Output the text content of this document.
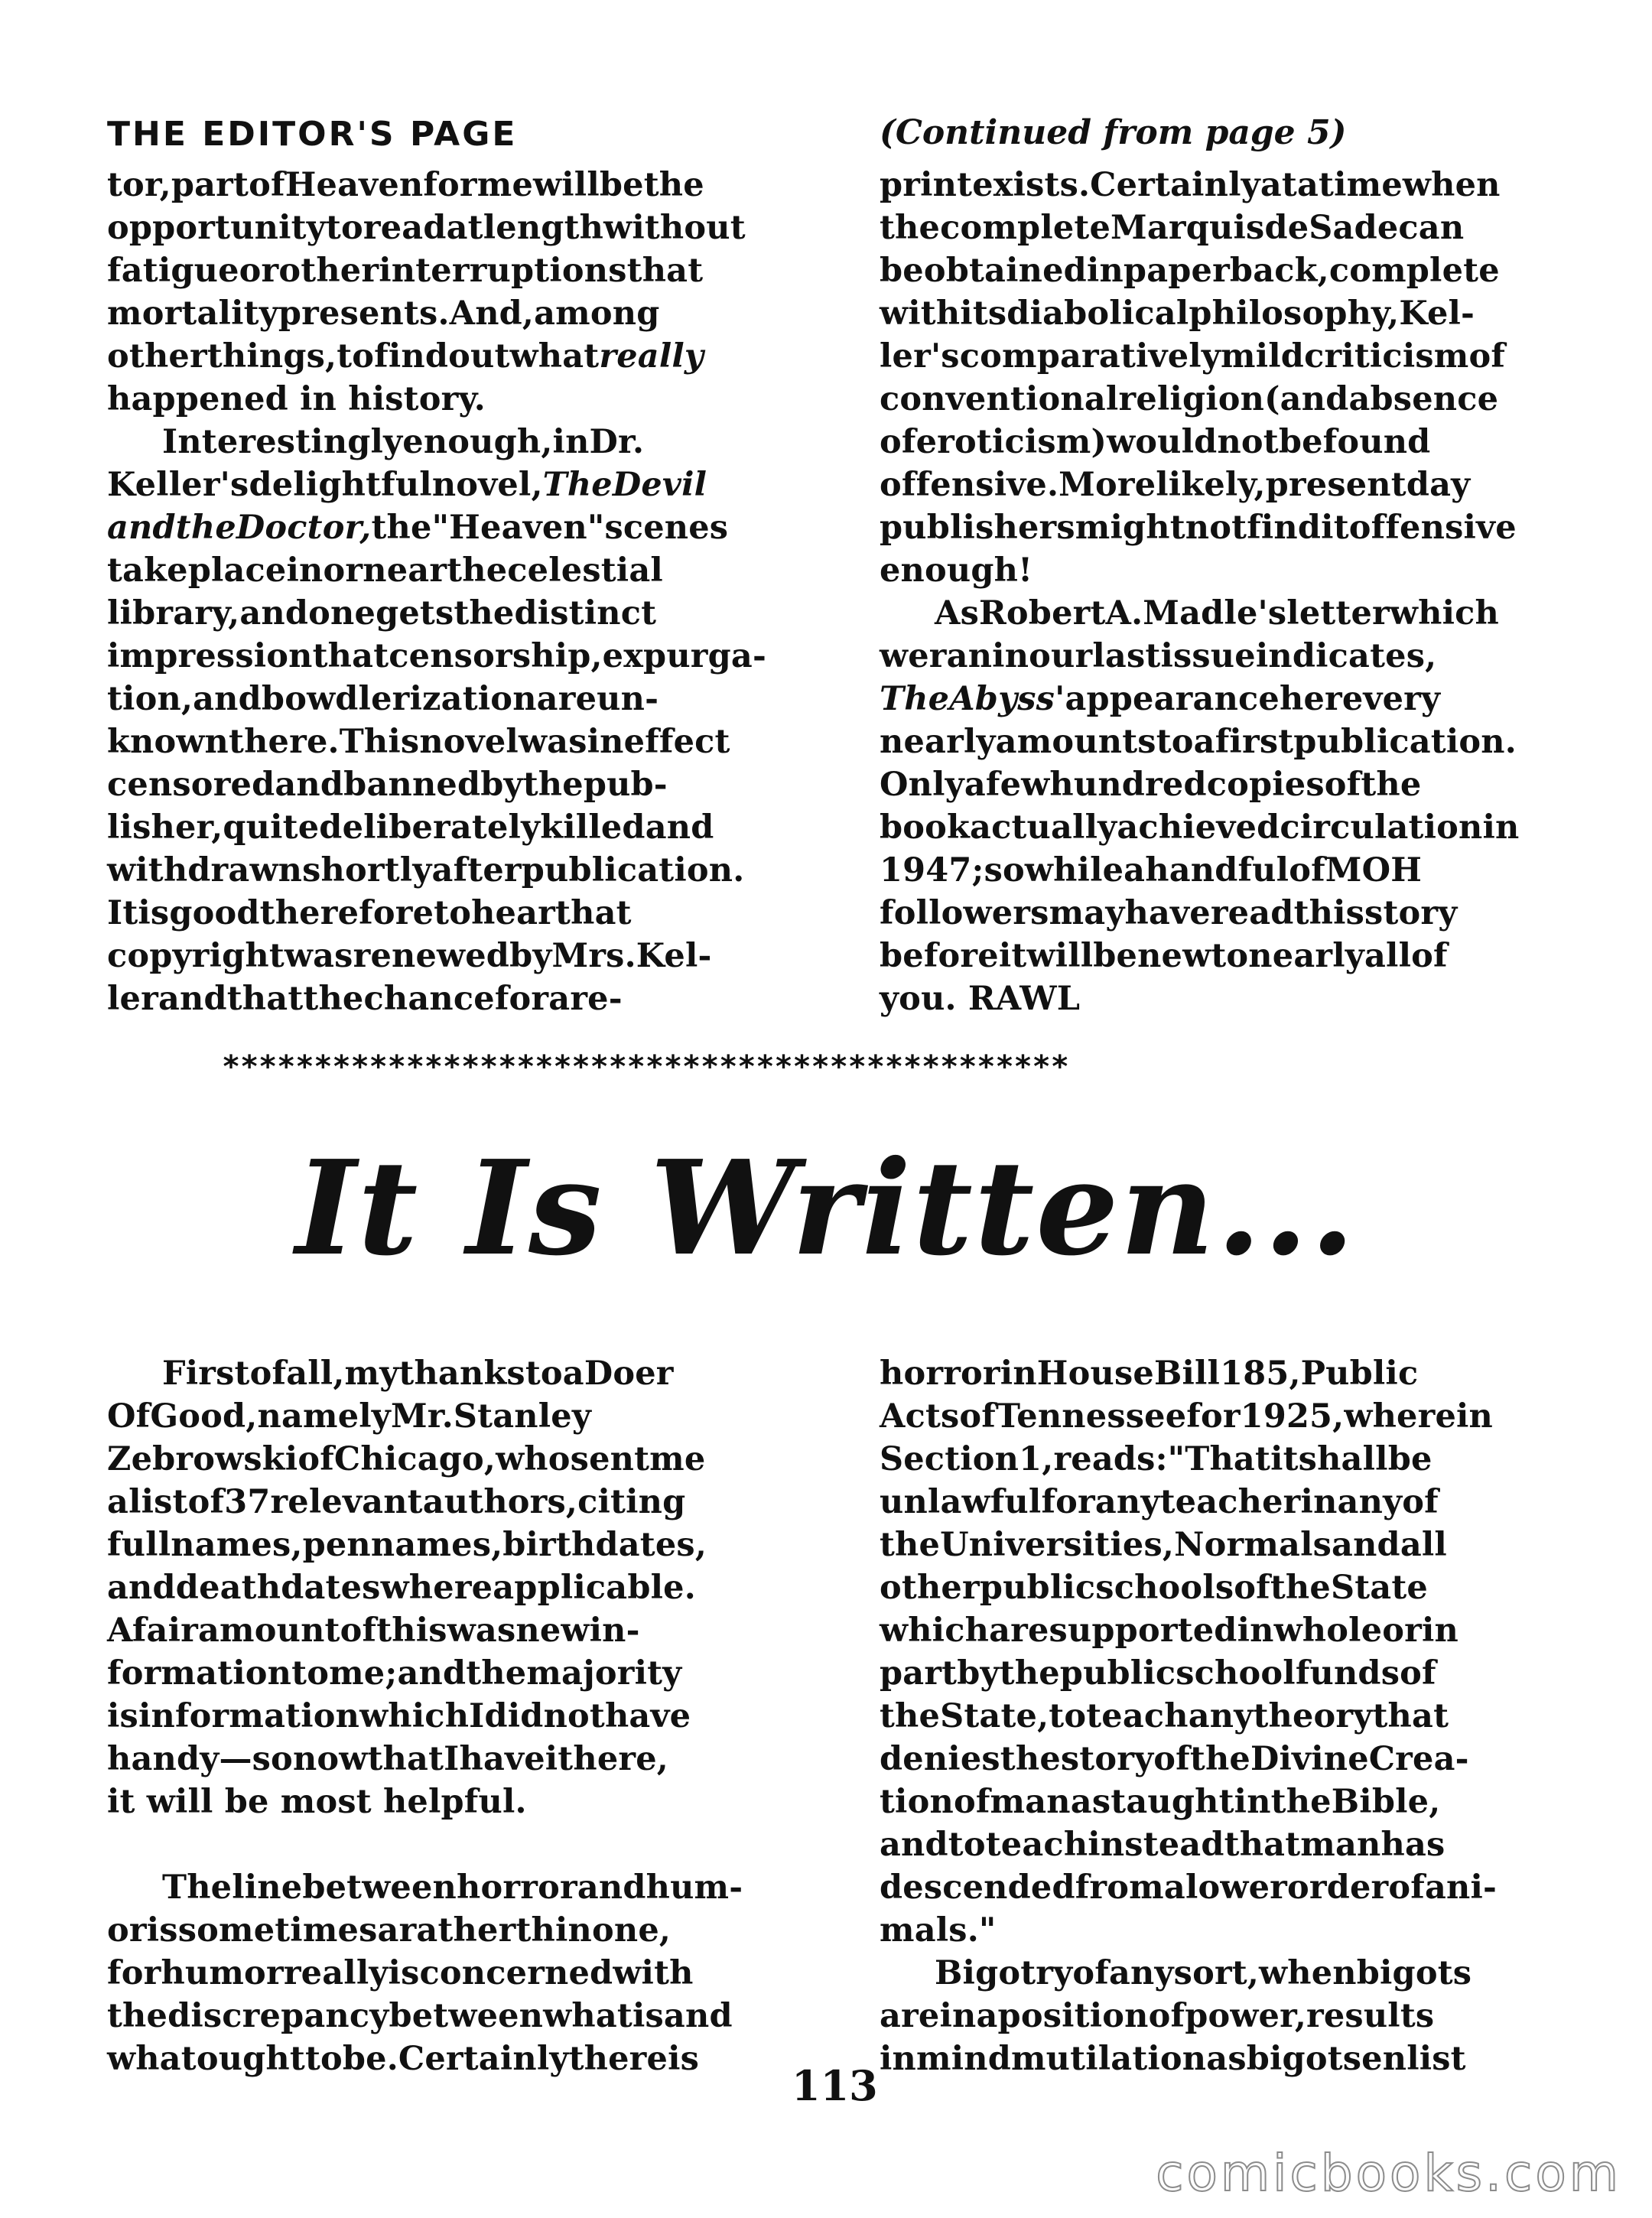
THE EDITOR'S PAGE	(Continued from page 5)
tor,partofHeavenformewillbethe
opportunitytoreadatlengthwithout
fatigueorotherinterruptionsthat
mortalitypresents.And,among
otherthings,tofindoutwhatreally
happened in history.
Interestinglyenough,inDr.
Keller'sdelightfulnovel,TheDevil
andtheDoctor,the"Heaven"scenes
takeplaceinornearthecelestial
library,andonegetsthedistinct
impressionthatcensorship,expurga-
tion,andbowdlerizationareun-
knownthere.Thisnovelwasineffect
censoredandbannedbythepub-
lisher,quitedeliberatelykilledand
withdrawnshortlyafterpublication.
Itisgoodthereforetohearthat
copyrightwasrenewedbyMrs.Kel-
lerandthatthechanceforare-
printexists.Certainlyatatimewhen
thecompleteMarquisdeSadecan
beobtainedinpaperback,complete
withitsdiabolicalphilosophy,Kel-
ler'scomparativelymildcriticismof
conventionalreligion(andabsence
oferoticism)wouldnotbefound
offensive.Morelikely,presentday
publishersmightnotfinditoffensive
enough!
AsRobertA.Madle'sletterwhich
weraninourlastissueindicates,
TheAbyss'appearanceherevery
nearlyamountstoafirstpublication.
Onlyafewhundredcopiesofthe
bookactuallyachievedcirculationin
1947;sowhileahandfulofMOH
followersmayhavereadthisstory
beforeitwillbenewtonearlyallof
you. RAWL
**********************************************
It Is Written...
Firstofall,mythankstoaDoer
OfGood,namelyMr.Stanley
ZebrowskiofChicago,whosentme
alistof37relevantauthors,citing
fullnames,pennames,birthdates,
anddeathdateswhereapplicable.
Afairamountofthiswasnewin-
formationtome;andthemajority
isinformationwhichIdidnothave
handy—sonowthatIhaveithere,
it will be most helpful.
Thelinebetweenhorrorandhum-
orissometimesaratherthinone,
forhumorreallyisconcernedwith
thediscrepancybetweenwhatisand
whatoughttobe.Certainlythereis
horrorinHouseBill185,Public
ActsofTennesseefor1925,wherein
Section1,reads:"Thatitshallbe
unlawfulforanyteacherinanyof
theUniversities,Normalsandall
otherpublicschoolsoftheState
whicharesupportedinwholeorin
partbythepublicschoolfundsof
theState,toteachanytheorythat
deniesthestoryoftheDivineCrea-
tionofmanastaughtintheBible,
andtoteachinsteadthatmanhas
descendedfromalowerorderofani-
mals."
Bigotryofanysort,whenbigots
areinapositionofpower,results
inmindmutilationasbigotsenlist
113
comicbooks.com
